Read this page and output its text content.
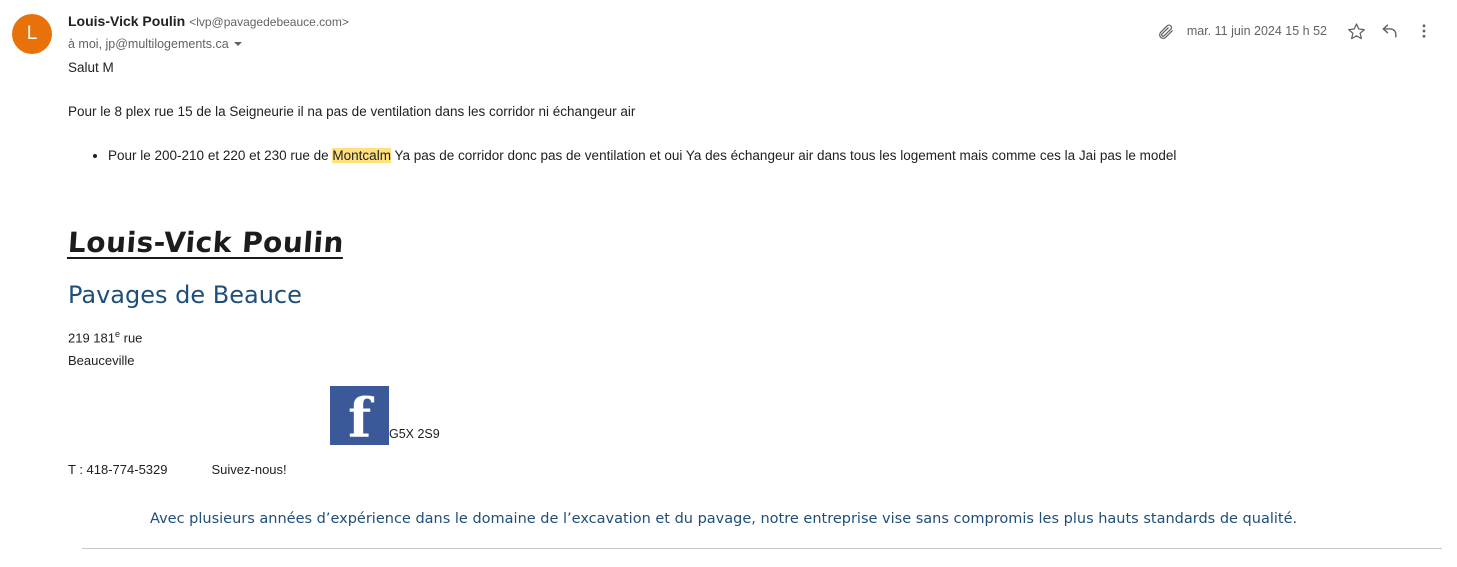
L
Louis-Vick Poulin <lvp@pavagedebeauce.com>
à moi, jp@multilogements.ca
mar. 11 juin 2024 15 h 52

Salut M

Pour le 8 plex rue 15 de la Seigneurie il na pas de ventilation dans les corridor ni échangeur air

• Pour le 200-210 et 220 et 230 rue de Montcalm Ya pas de corridor donc pas de ventilation et oui Ya des échangeur air dans tous les logement mais comme ces la Jai pas le model
Louis-Vick Poulin
Pavages de Beauce
219 181e rue
Beauceville
f G5X 2S9
T : 418-774-5329	Suivez-nous!
Avec plusieurs années d’expérience dans le domaine de l’excavation et du pavage, notre entreprise vise sans compromis les plus hauts standards de qualité.
